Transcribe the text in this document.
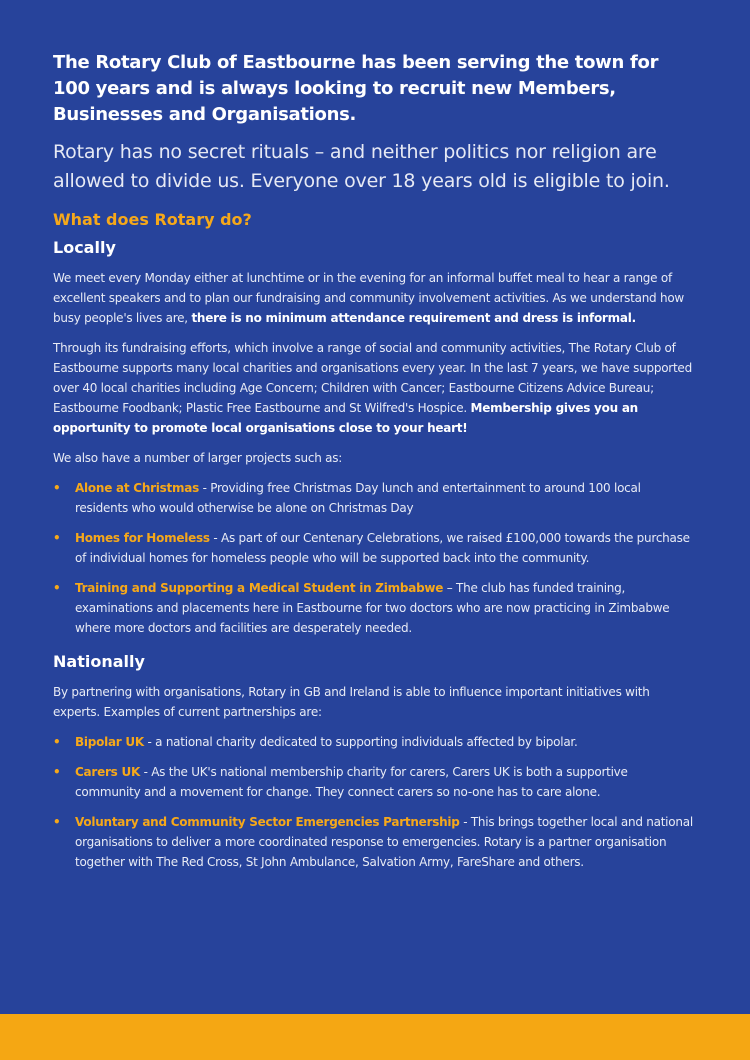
The Rotary Club of Eastbourne has been serving the town for 100 years and is always looking to recruit new Members, Businesses and Organisations.

Rotary has no secret rituals – and neither politics nor religion are allowed to divide us. Everyone over 18 years old is eligible to join.

What does Rotary do?
Locally

We meet every Monday either at lunchtime or in the evening for an informal buffet meal to hear a range of excellent speakers and to plan our fundraising and community involvement activities. As we understand how busy people's lives are, there is no minimum attendance requirement and dress is informal.

Through its fundraising efforts, which involve a range of social and community activities, The Rotary Club of Eastbourne supports many local charities and organisations every year. In the last 7 years, we have supported over 40 local charities including Age Concern; Children with Cancer; Eastbourne Citizens Advice Bureau; Eastbourne Foodbank; Plastic Free Eastbourne and St Wilfred's Hospice. Membership gives you an opportunity to promote local organisations close to your heart!

We also have a number of larger projects such as:

• Alone at Christmas - Providing free Christmas Day lunch and entertainment to around 100 local residents who would otherwise be alone on Christmas Day
• Homes for Homeless - As part of our Centenary Celebrations, we raised £100,000 towards the purchase of individual homes for homeless people who will be supported back into the community.
• Training and Supporting a Medical Student in Zimbabwe – The club has funded training, examinations and placements here in Eastbourne for two doctors who are now practicing in Zimbabwe where more doctors and facilities are desperately needed.
Nationally

By partnering with organisations, Rotary in GB and Ireland is able to influence important initiatives with experts. Examples of current partnerships are:

• Bipolar UK - a national charity dedicated to supporting individuals affected by bipolar.
• Carers UK - As the UK's national membership charity for carers, Carers UK is both a supportive community and a movement for change. They connect carers so no-one has to care alone.
• Voluntary and Community Sector Emergencies Partnership - This brings together local and national organisations to deliver a more coordinated response to emergencies. Rotary is a partner organisation together with The Red Cross, St John Ambulance, Salvation Army, FareShare and others.
